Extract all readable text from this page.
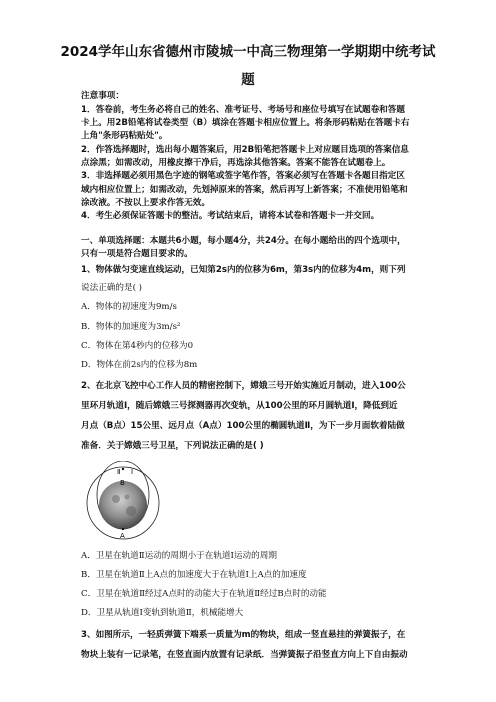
2024学年山东省德州市陵城一中高三物理第一学期期中统考试
题
注意事项：
1．答卷前，考生务必将自己的姓名、准考证号、考场号和座位号填写在试题卷和答题
卡上。用2B铅笔将试卷类型（B）填涂在答题卡相应位置上。将条形码粘贴在答题卡右
上角"条形码粘贴处"。
2．作答选择题时，选出每小题答案后，用2B铅笔把答题卡上对应题目选项的答案信息
点涂黑；如需改动，用橡皮擦干净后，再选涂其他答案。答案不能答在试题卷上。
3．非选择题必须用黑色字迹的钢笔或签字笔作答，答案必须写在答题卡各题目指定区
域内相应位置上；如需改动，先划掉原来的答案，然后再写上新答案；不准使用铅笔和
涂改液。不按以上要求作答无效。
4．考生必须保证答题卡的整洁。考试结束后，请将本试卷和答题卡一并交回。
一、单项选择题：本题共6小题，每小题4分，共24分。在每小题给出的四个选项中，
只有一项是符合题目要求的。
1、物体做匀变速直线运动，已知第2s内的位移为6m，第3s内的位移为4m，则下列
说法正确的是( )
A．物体的初速度为9m/s
B．物体的加速度为3m/s²
C．物体在第4秒内的位移为0
D．物体在前2s内的位移为8m
2、在北京飞控中心工作人员的精密控制下，嫦娥三号开始实施近月制动，进入100公
里环月轨道Ⅰ，随后嫦娥三号探测器再次变轨，从100公里的环月圆轨道Ⅰ，降低到近
月点（B点）15公里、远月点（A点）100公里的椭圆轨道Ⅱ，为下一步月面软着陆做
准备．关于嫦娥三号卫星，下列说法正确的是( )
Ⅱ Ⅰ
B
A
A．卫星在轨道Ⅱ运动的周期小于在轨道Ⅰ运动的周期
B．卫星在轨道Ⅱ上A点的加速度大于在轨道Ⅰ上A点的加速度
C．卫星在轨道Ⅱ经过A点时的动能大于在轨道Ⅱ经过B点时的动能
D．卫星从轨道Ⅰ变轨到轨道Ⅱ，机械能增大
3、如图所示，一轻质弹簧下端系一质量为m的物块，组成一竖直悬挂的弹簧振子，在
物块上装有一记录笔，在竖直面内放置有记录纸．当弹簧振子沿竖直方向上下自由振动
